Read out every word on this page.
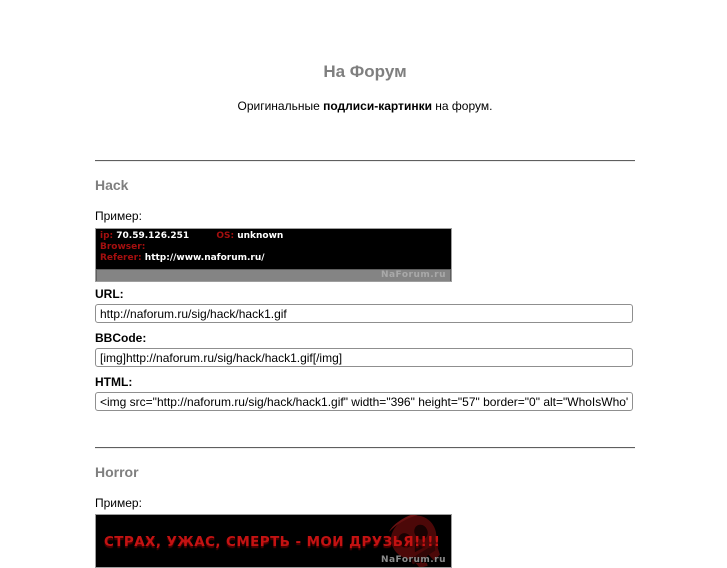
На Форум
Оригинальные подлиси-картинки на форум.
Hack
Пример:
ip: 70.59.126.251	OS: unknown
Browser:
Referer: http://www.naforum.ru/
NaForum.ru
URL:
http://naforum.ru/sig/hack/hack1.gif
BBCode:
[img]http://naforum.ru/sig/hack/hack1.gif[/img]
HTML:
<img src="http://naforum.ru/sig/hack/hack1.gif" width="396" height="57" border="0" alt="WhoIsWho" >
Horror
Пример:
СТРАХ, УЖАС, СМЕРТЬ - МОИ ДРУЗЬЯ!!!!
NaForum.ru
